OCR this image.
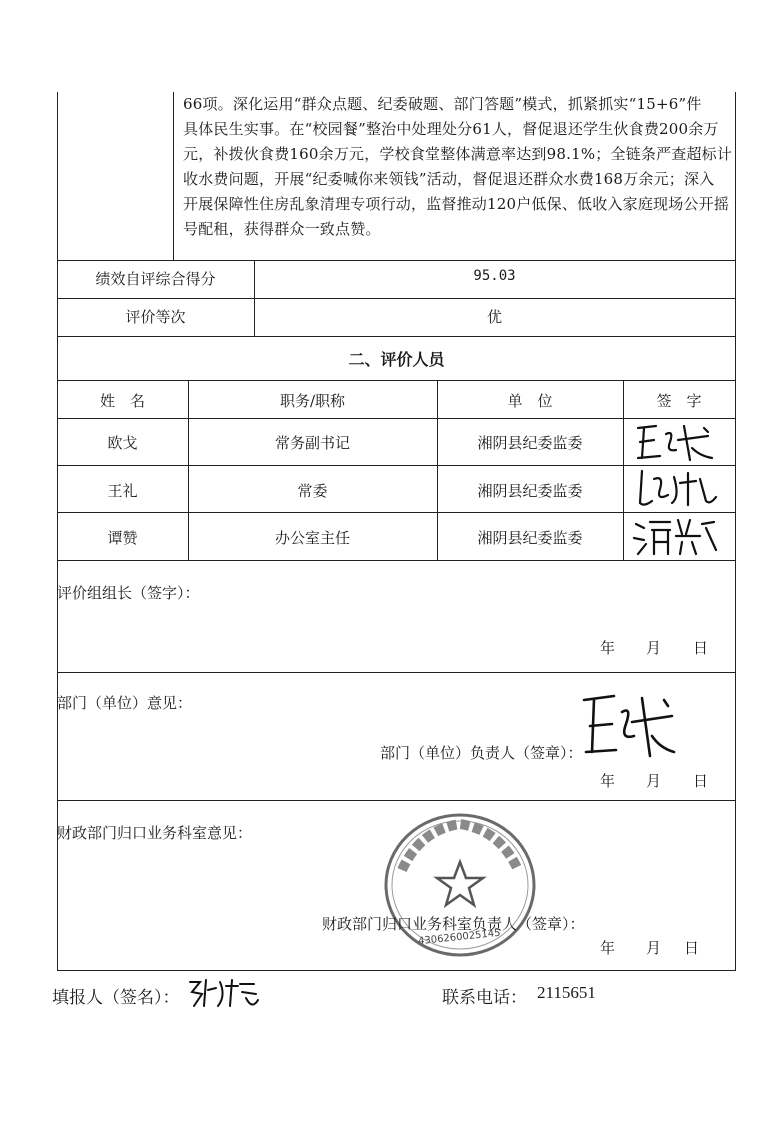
66项。深化运用“群众点题、纪委破题、部门答题”模式，抓紧抓实“15+6”件
具体民生实事。在“校园餐”整治中处理处分61人，督促退还学生伙食费200余万
元，补拨伙食费160余万元，学校食堂整体满意率达到98.1%；全链条严查超标计
收水费问题，开展“纪委喊你来领钱”活动，督促退还群众水费168万余元；深入
开展保障性住房乱象清理专项行动，监督推动120户低保、低收入家庭现场公开摇
号配租，获得群众一致点赞。
绩效自评综合得分	95.03
评价等次	优
二、评价人员
姓　名	职务/职称	单　位	签　字
欧戈	常务副书记	湘阴县纪委监委
王礼	常委	湘阴县纪委监委
谭赞	办公室主任	湘阴县纪委监委
评价组组长（签字）：
年 月 日
部门（单位）意见：
部门（单位）负责人（签章）：
年 月 日
财政部门归口业务科室意见：
4306260025145
财政部门归口业务科室负责人（签章）：
年 月 日
填报人（签名）：	联系电话： 2115651
